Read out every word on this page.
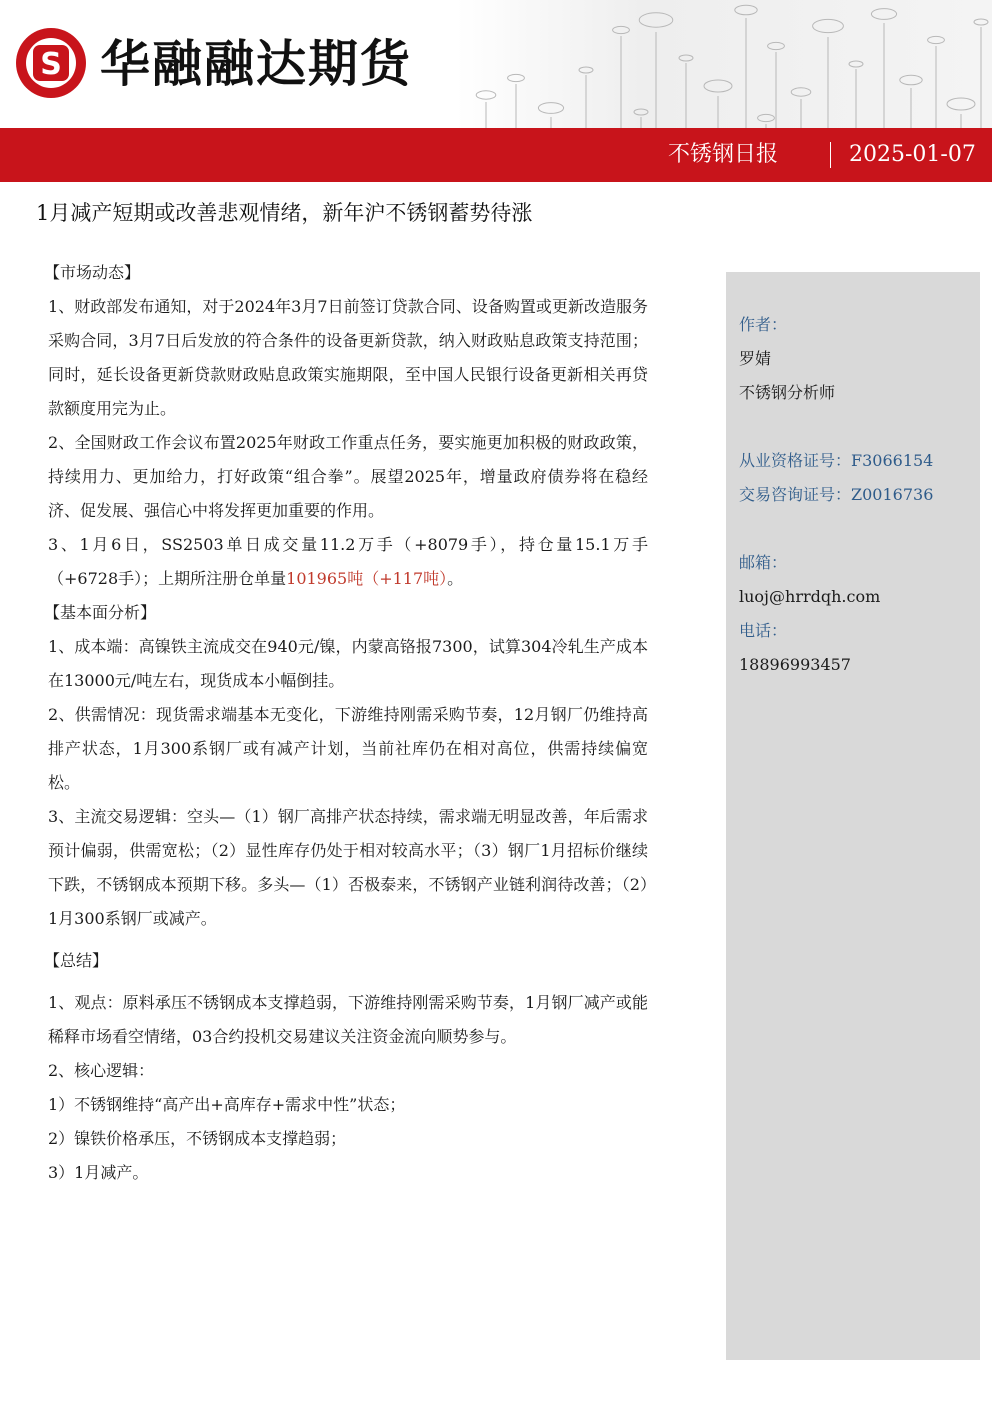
S 华融融达期货
不锈钢日报	2025-01-07
1月减产短期或改善悲观情绪，新年沪不锈钢蓄势待涨
【市场动态】
1、财政部发布通知，对于2024年3月7日前签订贷款合同、设备购置或更新改造服务采购合同，3月7日后发放的符合条件的设备更新贷款，纳入财政贴息政策支持范围；同时，延长设备更新贷款财政贴息政策实施期限，至中国人民银行设备更新相关再贷款额度用完为止。
2、全国财政工作会议布置2025年财政工作重点任务，要实施更加积极的财政政策，持续用力、更加给力，打好政策“组合拳”。展望2025年，增量政府债券将在稳经济、促发展、强信心中将发挥更加重要的作用。
3、1月6日，SS2503单日成交量11.2万手（+8079手），持仓量15.1万手（+6728手）；上期所注册仓单量101965吨（+117吨）。
【基本面分析】
1、成本端：高镍铁主流成交在940元/镍，内蒙高铬报7300，试算304冷轧生产成本在13000元/吨左右，现货成本小幅倒挂。
2、供需情况：现货需求端基本无变化，下游维持刚需采购节奏，12月钢厂仍维持高排产状态，1月300系钢厂或有减产计划，当前社库仍在相对高位，供需持续偏宽松。
3、主流交易逻辑：空头—（1）钢厂高排产状态持续，需求端无明显改善，年后需求预计偏弱，供需宽松；（2）显性库存仍处于相对较高水平；（3）钢厂1月招标价继续下跌，不锈钢成本预期下移。多头—（1）否极泰来，不锈钢产业链利润待改善；（2）1月300系钢厂或减产。
【总结】
1、观点：原料承压不锈钢成本支撑趋弱，下游维持刚需采购节奏，1月钢厂减产或能稀释市场看空情绪，03合约投机交易建议关注资金流向顺势参与。
2、核心逻辑：
1）不锈钢维持“高产出+高库存+需求中性”状态；
2）镍铁价格承压，不锈钢成本支撑趋弱；
3）1月减产。
作者：
罗婧
不锈钢分析师
从业资格证号：F3066154
交易咨询证号：Z0016736
邮箱：
luoj@hrrdqh.com
电话：
18896993457
